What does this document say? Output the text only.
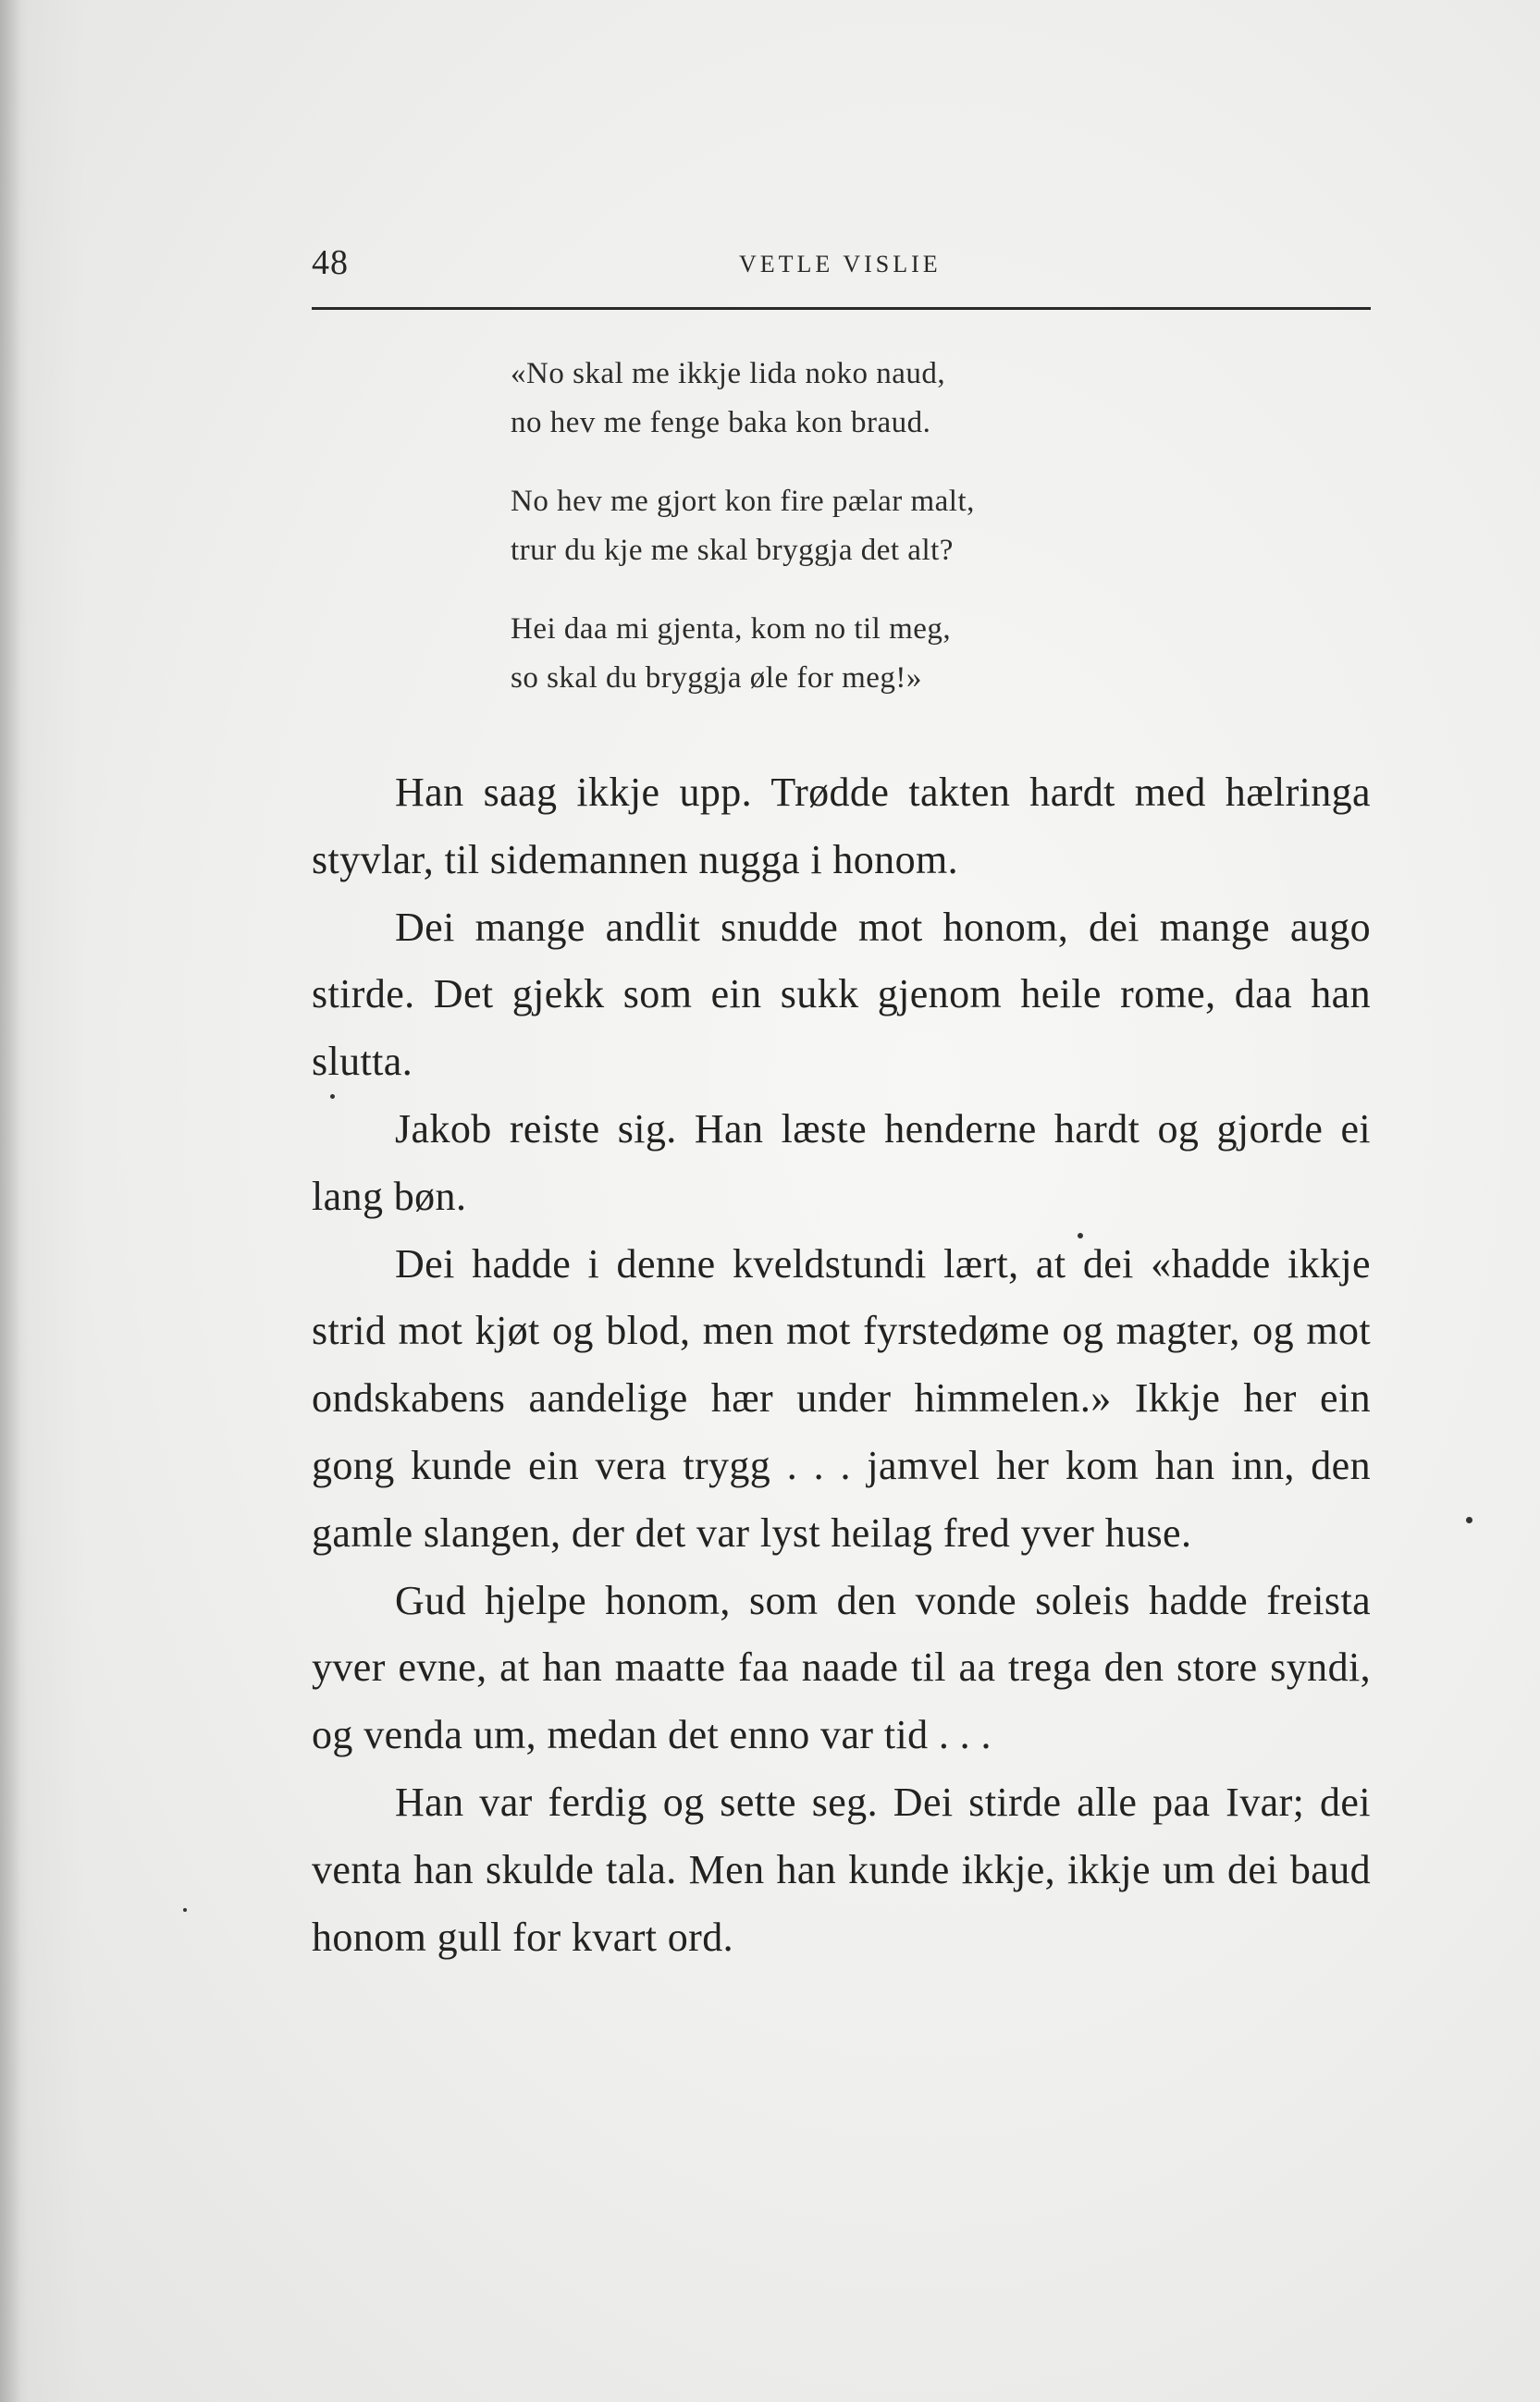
48	VETLE VISLIE
«No skal me ikkje lida noko naud,
no hev me fenge baka kon braud.
No hev me gjort kon fire pælar malt,
trur du kje me skal bryggja det alt?
Hei daa mi gjenta, kom no til meg,
so skal du bryggja øle for meg!»

Han saag ikkje upp. Trødde takten hardt med hælringa styvlar, til sidemannen nugga i honom.

Dei mange andlit snudde mot honom, dei mange augo stirde. Det gjekk som ein sukk gjenom heile rome, daa han slutta.

Jakob reiste sig. Han læste henderne hardt og gjorde ei lang bøn.

Dei hadde i denne kveldstundi lært, at dei «hadde ikkje strid mot kjøt og blod, men mot fyrstedøme og magter, og mot ondskabens aandelige hær under himmelen.» Ikkje her ein gong kunde ein vera trygg . . . jamvel her kom han inn, den gamle slangen, der det var lyst heilag fred yver huse.

Gud hjelpe honom, som den vonde soleis hadde freista yver evne, at han maatte faa naade til aa trega den store syndi, og venda um, medan det enno var tid . . .

Han var ferdig og sette seg. Dei stirde alle paa Ivar; dei venta han skulde tala. Men han kunde ikkje, ikkje um dei baud honom gull for kvart ord.
